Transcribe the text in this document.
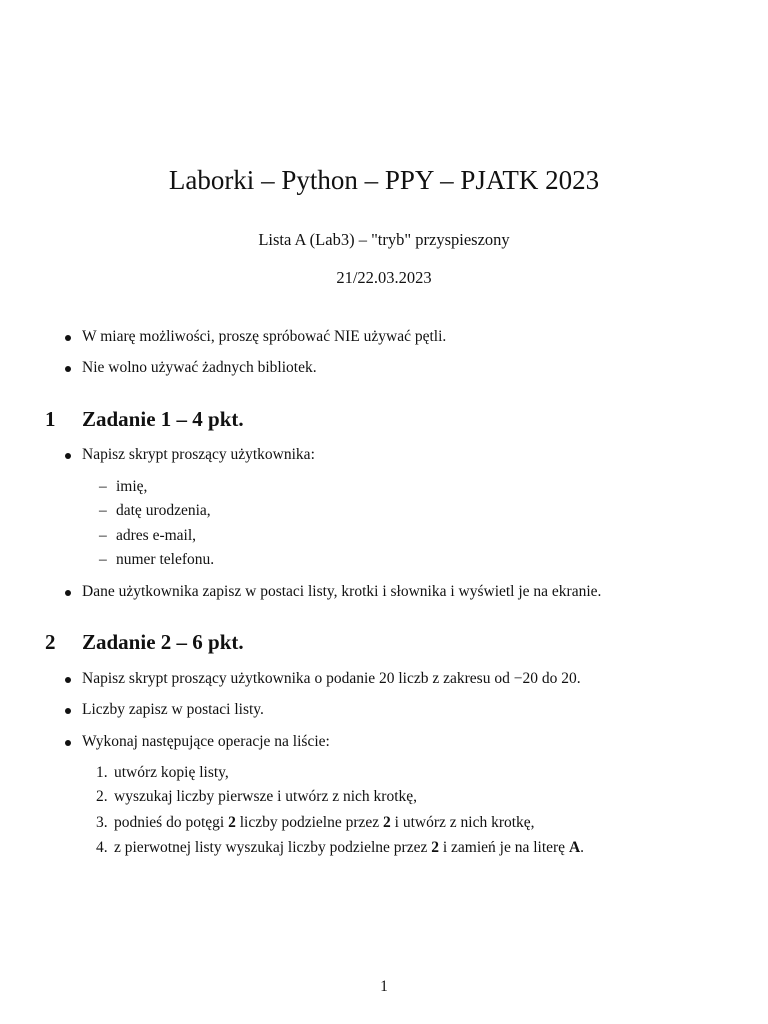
Laborki – Python – PPY – PJATK 2023
Lista A (Lab3) – "tryb" przyspieszony
21/22.03.2023
W miarę możliwości, proszę spróbować NIE używać pętli.
Nie wolno używać żadnych bibliotek.
1 Zadanie 1 – 4 pkt.
Napisz skrypt proszący użytkownika:
– imię,
– datę urodzenia,
– adres e-mail,
– numer telefonu.
Dane użytkownika zapisz w postaci listy, krotki i słownika i wyświetl je na ekranie.
2 Zadanie 2 – 6 pkt.
Napisz skrypt proszący użytkownika o podanie 20 liczb z zakresu od −20 do 20.
Liczby zapisz w postaci listy.
Wykonaj następujące operacje na liście:
1. utwórz kopię listy,
2. wyszukaj liczby pierwsze i utwórz z nich krotkę,
3. podnieś do potęgi 2 liczby podzielne przez 2 i utwórz z nich krotkę,
4. z pierwotnej listy wyszukaj liczby podzielne przez 2 i zamień je na literę A.
1
